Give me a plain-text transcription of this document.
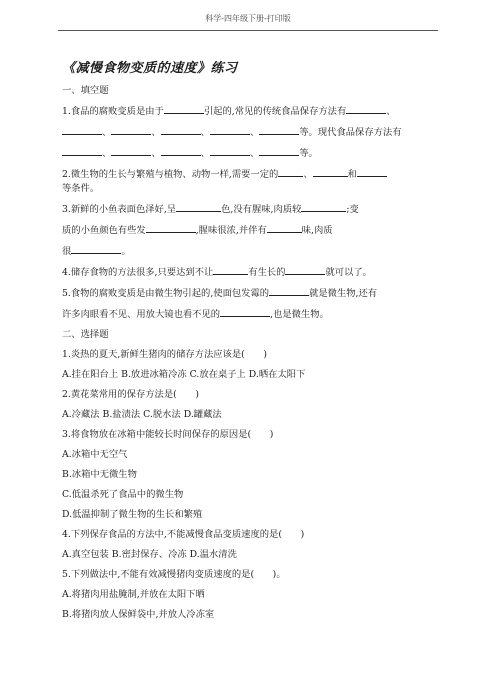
科学-四年级下册-打印版
《减慢食物变质的速度》练习
一、填空题
1.食品的腐败变质是由于	引起的,常见的传统食品保存方法有	、
、	、	、	、	等。现代食品保存方法有
、	、	、	、	等。
2.微生物的生长与繁殖与植物、动物一样,需要一定的	、	和
等条件。
3.新鲜的小鱼表面色泽好,呈	色,没有腥味,肉质较	;变
质的小鱼颜色有些发	,腥味很浓,并伴有	味,肉质
很	。
4.储存食物的方法很多,只要达到不让	有生长的	就可以了。
5.食物的腐败变质是由微生物引起的,使面包发霉的	就是微生物,还有
许多肉眼看不见、用放大镜也看不见的	,也是微生物。
二、选择题
1.炎热的夏天,新鲜生猪肉的储存方法应该是(　　)
A.挂在阳台上 B.放进冰箱冷冻 C.放在桌子上 D.晒在太阳下
2.黄花菜常用的保存方法是(　　)
A.冷藏法 B.盐渍法 C.脱水法 D.罐藏法
3.将食物放在冰箱中能较长时间保存的原因是(　　)
A.冰箱中无空气
B.冰箱中无微生物
C.低温杀死了食品中的微生物
D.低温抑制了微生物的生长和繁殖
4.下列保存食品的方法中,不能减慢食品变质速度的是(　　)
A.真空包装 B.密封保存、冷冻 D.温水清洗
5.下列做法中,不能有效减慢猪肉变质速度的是(　　)。
A.将猪肉用盐腌制,并放在太阳下晒
B.将猪肉放人保鲜袋中,并放人冷冻室
